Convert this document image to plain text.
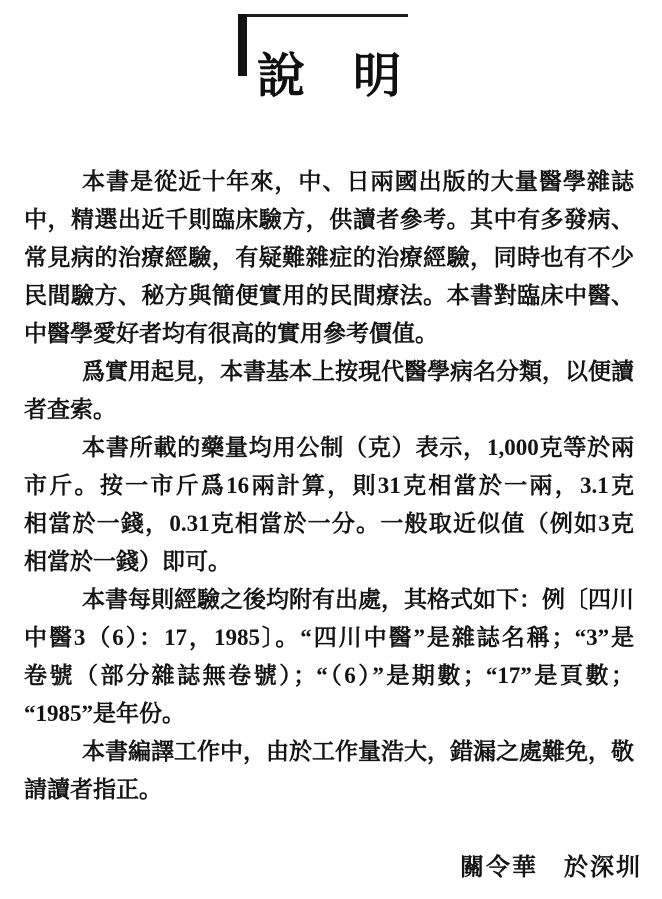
說　明
本書是從近十年來，中、日兩國出版的大量醫學雜誌
中，精選出近千則臨床驗方，供讀者參考。其中有多發病、
常見病的治療經驗，有疑難雜症的治療經驗，同時也有不少
民間驗方、秘方與簡便實用的民間療法。本書對臨床中醫、
中醫學愛好者均有很高的實用參考價值。
爲實用起見，本書基本上按現代醫學病名分類，以便讀
者查索。
本書所載的藥量均用公制（克）表示，1,000克等於兩
市斤。按一市斤爲16兩計算，則31克相當於一兩，3.1克
相當於一錢，0.31克相當於一分。一般取近似值（例如3克
相當於一錢）即可。
本書每則經驗之後均附有出處，其格式如下：例〔四川
中醫3（6）：17，1985〕。“四川中醫”是雜誌名稱；“3”是
卷號（部分雜誌無卷號）；“（6）”是期數；“17”是頁數；
“1985”是年份。
本書編譯工作中，由於工作量浩大，錯漏之處難免，敬
請讀者指正。
關令華　於深圳
